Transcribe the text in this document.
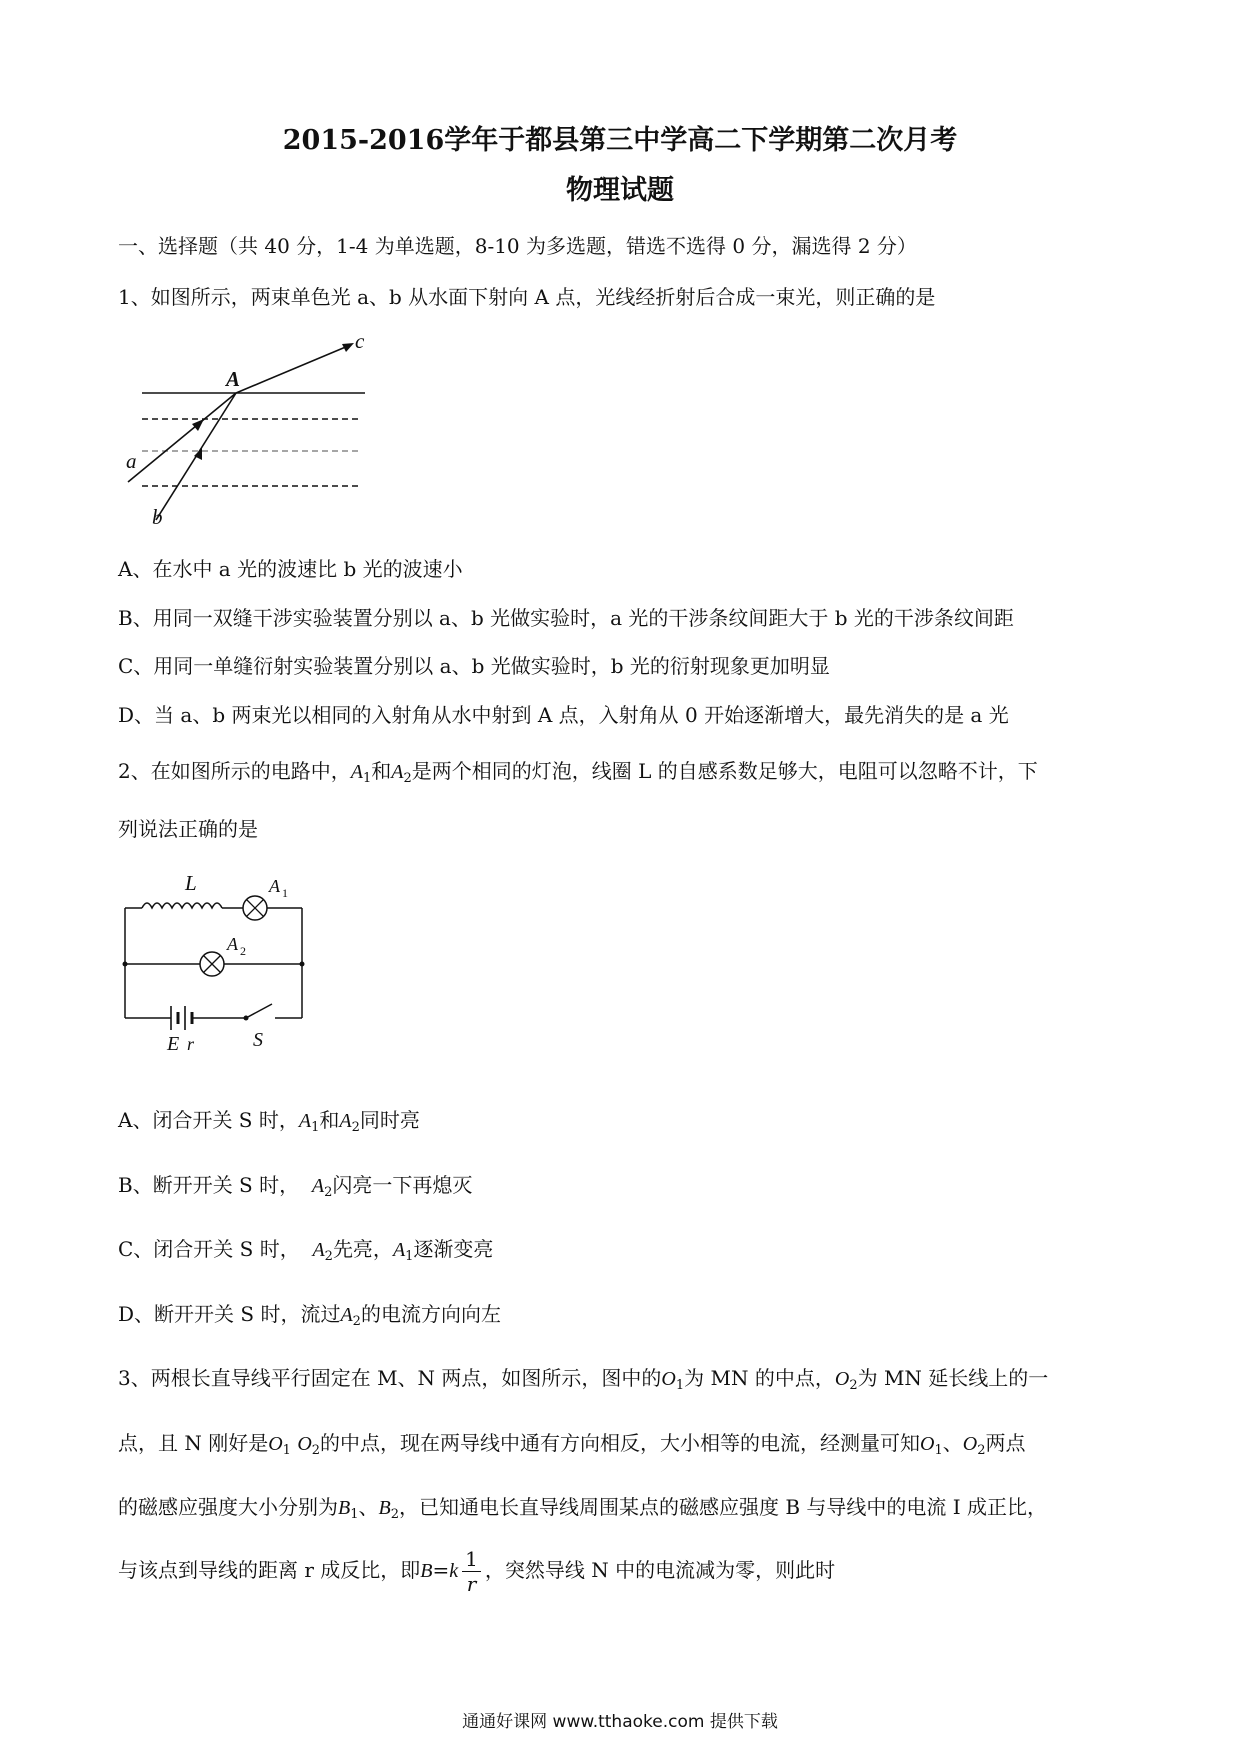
2015-2016学年于都县第三中学高二下学期第二次月考
物理试题
一、选择题（共 40 分，1-4 为单选题，8-10 为多选题，错选不选得 0 分，漏选得 2 分）
1、如图所示，两束单色光 a、b 从水面下射向 A 点，光线经折射后合成一束光，则正确的是
A
c
a
b
A、在水中 a 光的波速比 b 光的波速小
B、用同一双缝干涉实验装置分别以 a、b 光做实验时，a 光的干涉条纹间距大于 b 光的干涉条纹间距
C、用同一单缝衍射实验装置分别以 a、b 光做实验时，b 光的衍射现象更加明显
D、当 a、b 两束光以相同的入射角从水中射到 A 点，入射角从 0 开始逐渐增大，最先消失的是 a 光
2、在如图所示的电路中，$A_1$和$A_2$是两个相同的灯泡，线圈 L 的自感系数足够大，电阻可以忽略不计，下
列说法正确的是
L	A 1
A 2
E r	S
A、闭合开关 S 时，$A_1$和$A_2$同时亮
B、断开开关 S 时， $A_2$闪亮一下再熄灭
C、闭合开关 S 时， $A_2$先亮，$A_1$逐渐变亮
D、断开开关 S 时，流过$A_2$的电流方向向左
3、两根长直导线平行固定在 M、N 两点，如图所示，图中的$O_1$为 MN 的中点，$O_2$为 MN 延长线上的一
点，且 N 刚好是$O_1$ $O_2$的中点，现在两导线中通有方向相反，大小相等的电流，经测量可知$O_1$、$O_2$两点
的磁感应强度大小分别为$B_1$、$B_2$，已知通电长直导线周围某点的磁感应强度 B 与导线中的电流 I 成正比，
与该点到导线的距离 r 成反比，即$B=k \frac{1}{r}$ ，突然导线 N 中的电流减为零，则此时
通通好课网 www.tthaoke.com 提供下载
